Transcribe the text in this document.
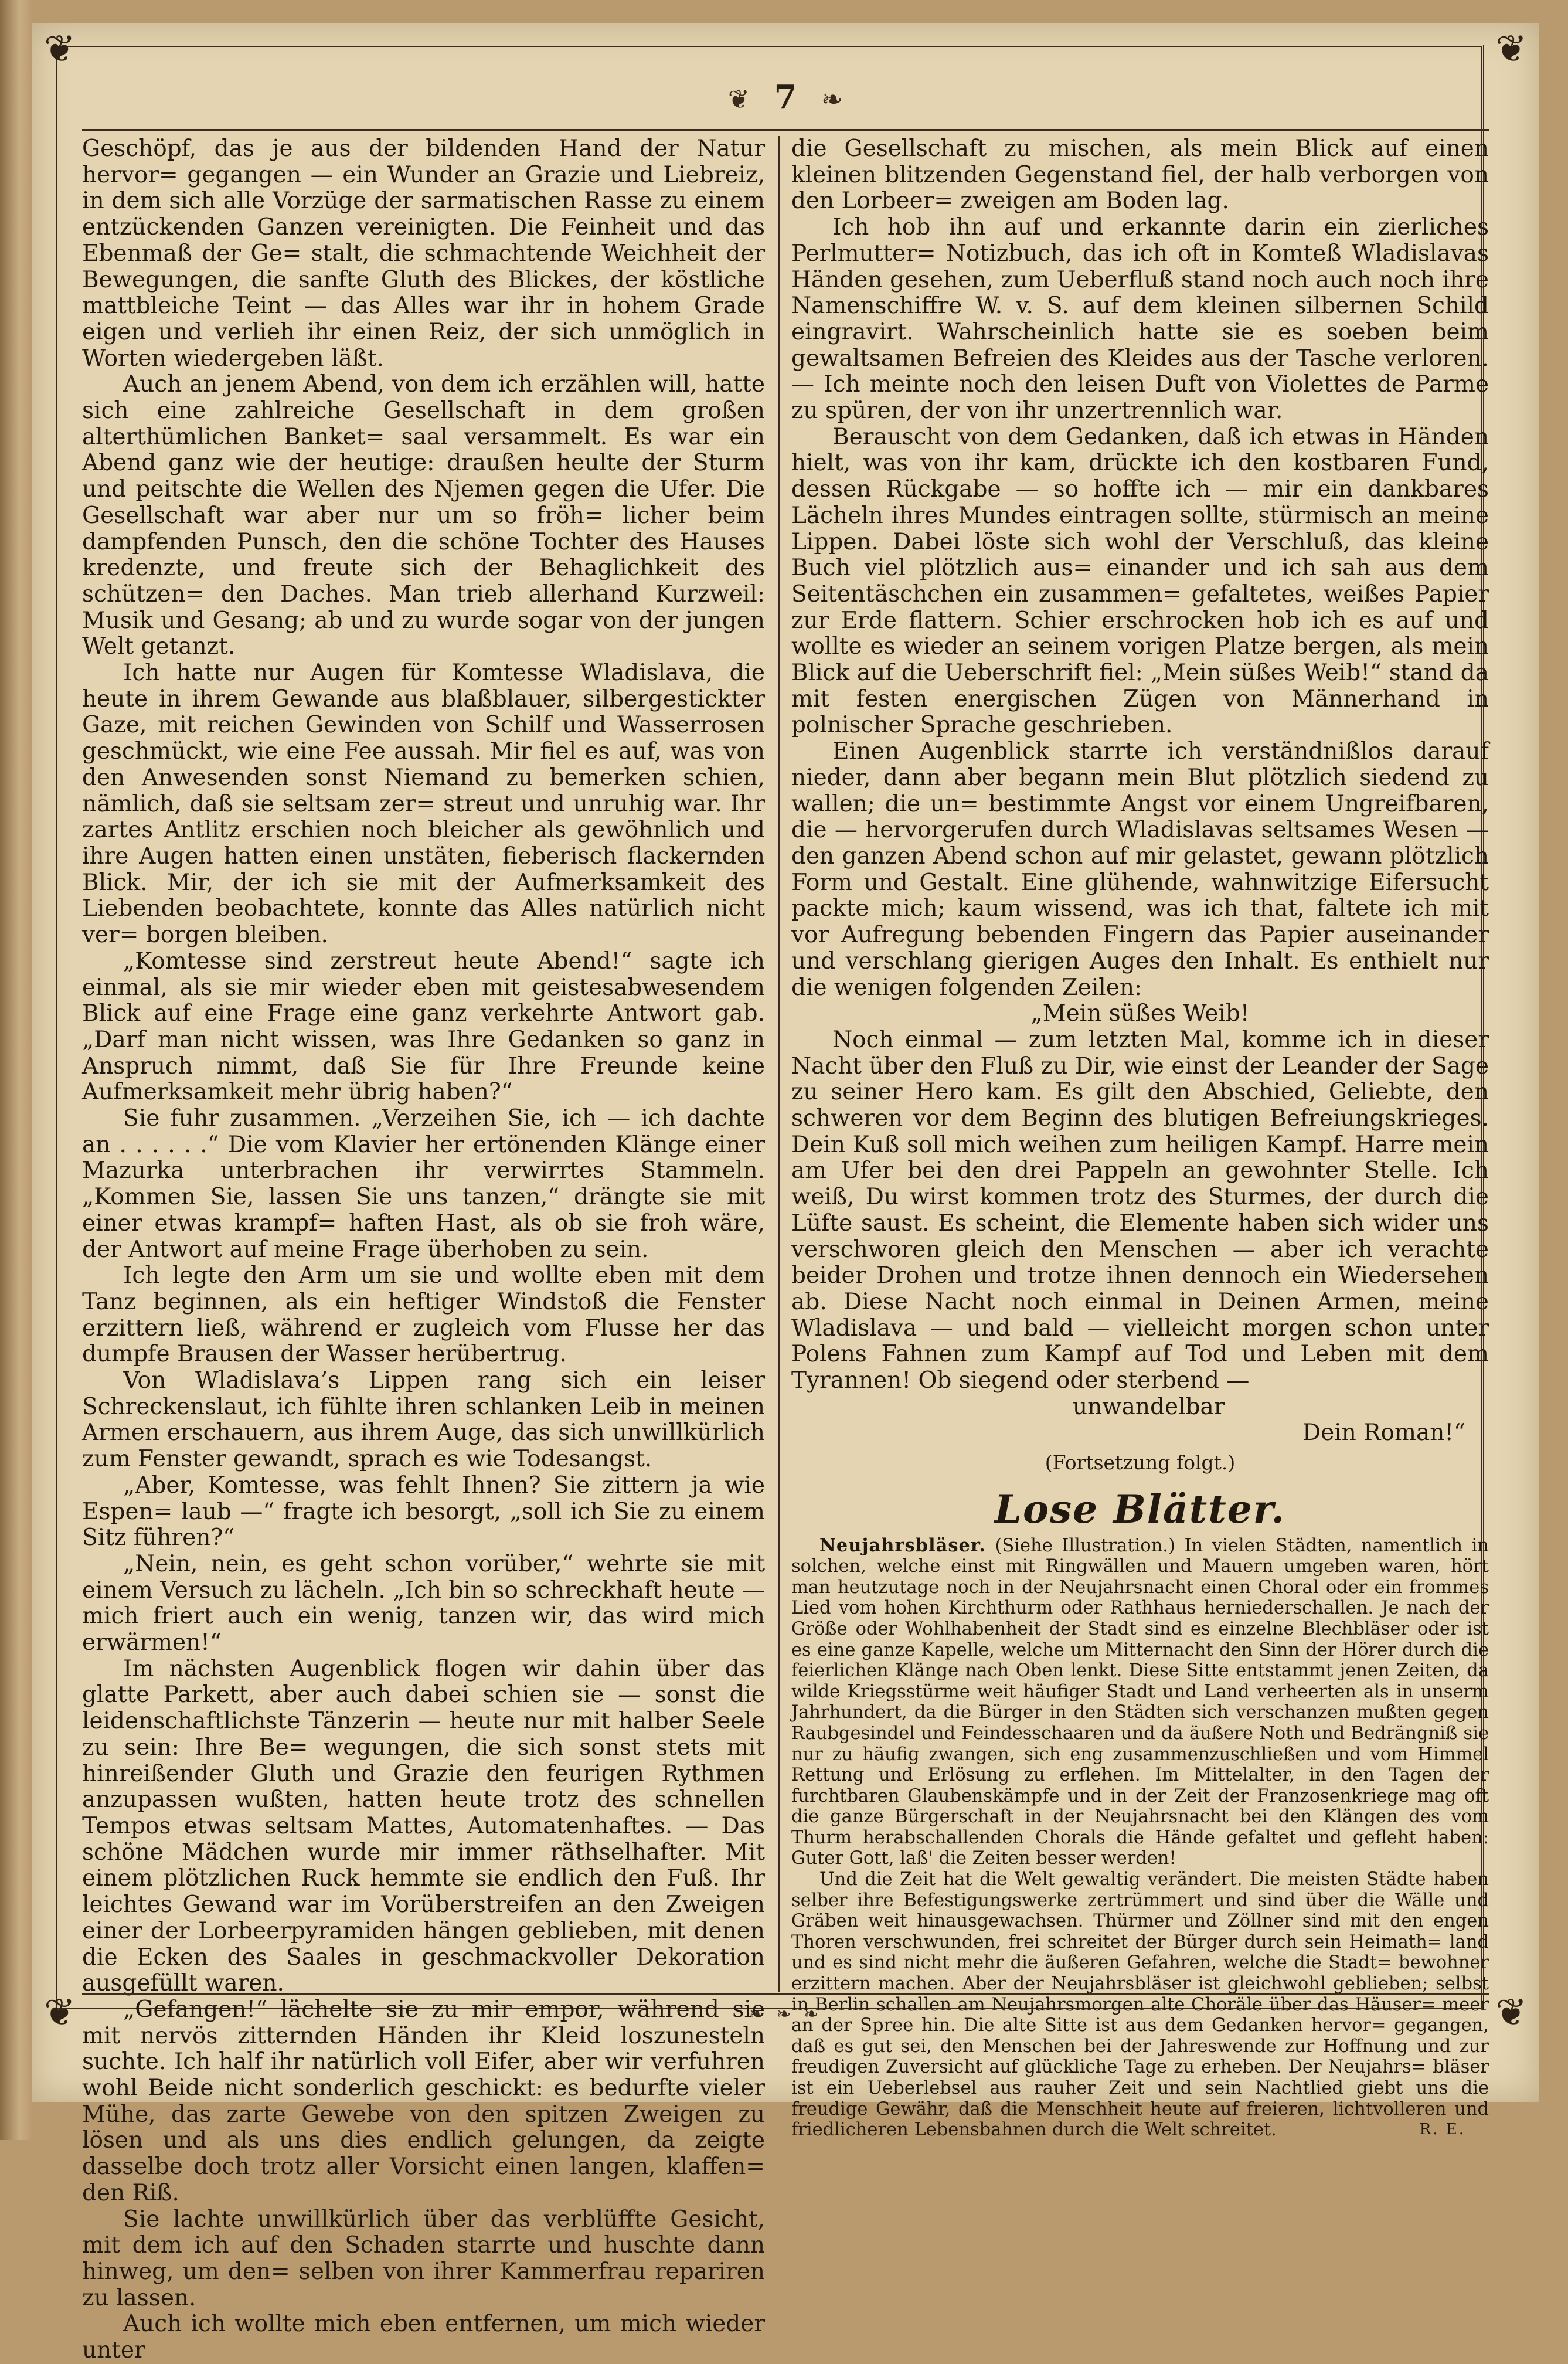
❦	❦
❦	❦
❦ 7 ❧

Geschöpf, das je aus der bildenden Hand der Natur hervor= gegangen — ein Wunder an Grazie und Liebreiz, in dem sich alle Vorzüge der sarmatischen Rasse zu einem entzückenden Ganzen vereinigten. Die Feinheit und das Ebenmaß der Ge= stalt, die schmachtende Weichheit der Bewegungen, die sanfte Gluth des Blickes, der köstliche mattbleiche Teint — das Alles war ihr in hohem Grade eigen und verlieh ihr einen Reiz, der sich unmöglich in Worten wiedergeben läßt.

Auch an jenem Abend, von dem ich erzählen will, hatte sich eine zahlreiche Gesellschaft in dem großen alterthümlichen Banket= saal versammelt. Es war ein Abend ganz wie der heutige: draußen heulte der Sturm und peitschte die Wellen des Njemen gegen die Ufer. Die Gesellschaft war aber nur um so fröh= licher beim dampfenden Punsch, den die schöne Tochter des Hauses kredenzte, und freute sich der Behaglichkeit des schützen= den Daches. Man trieb allerhand Kurzweil: Musik und Gesang; ab und zu wurde sogar von der jungen Welt getanzt.

Ich hatte nur Augen für Komtesse Wladislava, die heute in ihrem Gewande aus blaßblauer, silbergestickter Gaze, mit reichen Gewinden von Schilf und Wasserrosen geschmückt, wie eine Fee aussah. Mir fiel es auf, was von den Anwesenden sonst Niemand zu bemerken schien, nämlich, daß sie seltsam zer= streut und unruhig war. Ihr zartes Antlitz erschien noch bleicher als gewöhnlich und ihre Augen hatten einen unstäten, fieberisch flackernden Blick. Mir, der ich sie mit der Aufmerksamkeit des Liebenden beobachtete, konnte das Alles natürlich nicht ver= borgen bleiben.

„Komtesse sind zerstreut heute Abend!“ sagte ich einmal, als sie mir wieder eben mit geistesabwesendem Blick auf eine Frage eine ganz verkehrte Antwort gab. „Darf man nicht wissen, was Ihre Gedanken so ganz in Anspruch nimmt, daß Sie für Ihre Freunde keine Aufmerksamkeit mehr übrig haben?“

Sie fuhr zusammen. „Verzeihen Sie, ich — ich dachte an . . . . . .“ Die vom Klavier her ertönenden Klänge einer Mazurka unterbrachen ihr verwirrtes Stammeln. „Kommen Sie, lassen Sie uns tanzen,“ drängte sie mit einer etwas krampf= haften Hast, als ob sie froh wäre, der Antwort auf meine Frage überhoben zu sein.

Ich legte den Arm um sie und wollte eben mit dem Tanz beginnen, als ein heftiger Windstoß die Fenster erzittern ließ, während er zugleich vom Flusse her das dumpfe Brausen der Wasser herübertrug.

Von Wladislava’s Lippen rang sich ein leiser Schreckenslaut, ich fühlte ihren schlanken Leib in meinen Armen erschauern, aus ihrem Auge, das sich unwillkürlich zum Fenster gewandt, sprach es wie Todesangst.

„Aber, Komtesse, was fehlt Ihnen? Sie zittern ja wie Espen= laub —“ fragte ich besorgt, „soll ich Sie zu einem Sitz führen?“

„Nein, nein, es geht schon vorüber,“ wehrte sie mit einem Versuch zu lächeln. „Ich bin so schreckhaft heute — mich friert auch ein wenig, tanzen wir, das wird mich erwärmen!“

Im nächsten Augenblick flogen wir dahin über das glatte Parkett, aber auch dabei schien sie — sonst die leidenschaftlichste Tänzerin — heute nur mit halber Seele zu sein: Ihre Be= wegungen, die sich sonst stets mit hinreißender Gluth und Grazie den feurigen Rythmen anzupassen wußten, hatten heute trotz des schnellen Tempos etwas seltsam Mattes, Automatenhaftes. — Das schöne Mädchen wurde mir immer räthselhafter. Mit einem plötzlichen Ruck hemmte sie endlich den Fuß. Ihr leichtes Gewand war im Vorüberstreifen an den Zweigen einer der Lorbeerpyramiden hängen geblieben, mit denen die Ecken des Saales in geschmackvoller Dekoration ausgefüllt waren.

„Gefangen!“ lächelte sie zu mir empor, während sie mit nervös zitternden Händen ihr Kleid loszunesteln suchte. Ich half ihr natürlich voll Eifer, aber wir verfuhren wohl Beide nicht sonderlich geschickt: es bedurfte vieler Mühe, das zarte Gewebe von den spitzen Zweigen zu lösen und als uns dies endlich gelungen, da zeigte dasselbe doch trotz aller Vorsicht einen langen, klaffen= den Riß.

Sie lachte unwillkürlich über das verblüffte Gesicht, mit dem ich auf den Schaden starrte und huschte dann hinweg, um den= selben von ihrer Kammerfrau repariren zu lassen.

Auch ich wollte mich eben entfernen, um mich wieder unter

die Gesellschaft zu mischen, als mein Blick auf einen kleinen blitzenden Gegenstand fiel, der halb verborgen von den Lorbeer= zweigen am Boden lag.

Ich hob ihn auf und erkannte darin ein zierliches Perlmutter= Notizbuch, das ich oft in Komteß Wladislavas Händen gesehen, zum Ueberfluß stand noch auch noch ihre Namenschiffre W. v. S. auf dem kleinen silbernen Schild eingravirt. Wahrscheinlich hatte sie es soeben beim gewaltsamen Befreien des Kleides aus der Tasche verloren. — Ich meinte noch den leisen Duft von Violettes de Parme zu spüren, der von ihr unzertrennlich war.

Berauscht von dem Gedanken, daß ich etwas in Händen hielt, was von ihr kam, drückte ich den kostbaren Fund, dessen Rückgabe — so hoffte ich — mir ein dankbares Lächeln ihres Mundes eintragen sollte, stürmisch an meine Lippen. Dabei löste sich wohl der Verschluß, das kleine Buch viel plötzlich aus= einander und ich sah aus dem Seitentäschchen ein zusammen= gefaltetes, weißes Papier zur Erde flattern. Schier erschrocken hob ich es auf und wollte es wieder an seinem vorigen Platze bergen, als mein Blick auf die Ueberschrift fiel: „Mein süßes Weib!“ stand da mit festen energischen Zügen von Männerhand in polnischer Sprache geschrieben.

Einen Augenblick starrte ich verständnißlos darauf nieder, dann aber begann mein Blut plötzlich siedend zu wallen; die un= bestimmte Angst vor einem Ungreifbaren, die — hervorgerufen durch Wladislavas seltsames Wesen — den ganzen Abend schon auf mir gelastet, gewann plötzlich Form und Gestalt. Eine glühende, wahnwitzige Eifersucht packte mich; kaum wissend, was ich that, faltete ich mit vor Aufregung bebenden Fingern das Papier auseinander und verschlang gierigen Auges den Inhalt. Es enthielt nur die wenigen folgenden Zeilen:

„Mein süßes Weib!

Noch einmal — zum letzten Mal, komme ich in dieser Nacht über den Fluß zu Dir, wie einst der Leander der Sage zu seiner Hero kam. Es gilt den Abschied, Geliebte, den schweren vor dem Beginn des blutigen Befreiungskrieges. Dein Kuß soll mich weihen zum heiligen Kampf. Harre mein am Ufer bei den drei Pappeln an gewohnter Stelle. Ich weiß, Du wirst kommen trotz des Sturmes, der durch die Lüfte saust. Es scheint, die Elemente haben sich wider uns verschworen gleich den Menschen — aber ich verachte beider Drohen und trotze ihnen dennoch ein Wiedersehen ab. Diese Nacht noch einmal in Deinen Armen, meine Wladislava — und bald — vielleicht morgen schon unter Polens Fahnen zum Kampf auf Tod und Leben mit dem Tyrannen! Ob siegend oder sterbend —

unwandelbar

Dein Roman!“

(Fortsetzung folgt.)

Lose Blätter.

Neujahrsbläser. (Siehe Illustration.) In vielen Städten, namentlich in solchen, welche einst mit Ringwällen und Mauern umgeben waren, hört man heutzutage noch in der Neujahrsnacht einen Choral oder ein frommes Lied vom hohen Kirchthurm oder Rathhaus herniederschallen. Je nach der Größe oder Wohlhabenheit der Stadt sind es einzelne Blechbläser oder ist es eine ganze Kapelle, welche um Mitternacht den Sinn der Hörer durch die feierlichen Klänge nach Oben lenkt. Diese Sitte entstammt jenen Zeiten, da wilde Kriegsstürme weit häufiger Stadt und Land verheerten als in unserm Jahrhundert, da die Bürger in den Städten sich verschanzen mußten gegen Raubgesindel und Feindesschaaren und da äußere Noth und Bedrängniß sie nur zu häufig zwangen, sich eng zusammenzuschließen und vom Himmel Rettung und Erlösung zu erflehen. Im Mittelalter, in den Tagen der furchtbaren Glaubenskämpfe und in der Zeit der Franzosenkriege mag oft die ganze Bürgerschaft in der Neujahrsnacht bei den Klängen des vom Thurm herabschallenden Chorals die Hände gefaltet und gefleht haben: Guter Gott, laß' die Zeiten besser werden!

Und die Zeit hat die Welt gewaltig verändert. Die meisten Städte haben selber ihre Befestigungswerke zertrümmert und sind über die Wälle und Gräben weit hinausgewachsen. Thürmer und Zöllner sind mit den engen Thoren verschwunden, frei schreitet der Bürger durch sein Heimath= land und es sind nicht mehr die äußeren Gefahren, welche die Stadt= bewohner erzittern machen. Aber der Neujahrsbläser ist gleichwohl geblieben; selbst in Berlin schallen am Neujahrsmorgen alte Choräle über das Häuser= meer an der Spree hin. Die alte Sitte ist aus dem Gedanken hervor= gegangen, daß es gut sei, den Menschen bei der Jahreswende zur Hoffnung und zur freudigen Zuversicht auf glückliche Tage zu erheben. Der Neujahrs= bläser ist ein Ueberlebsel aus rauher Zeit und sein Nachtlied giebt uns die freudige Gewähr, daß die Menschheit heute auf freieren, lichtvolleren und friedlicheren Lebensbahnen durch die Welt schreitet.	R. E.

❧ ❧ ❧
